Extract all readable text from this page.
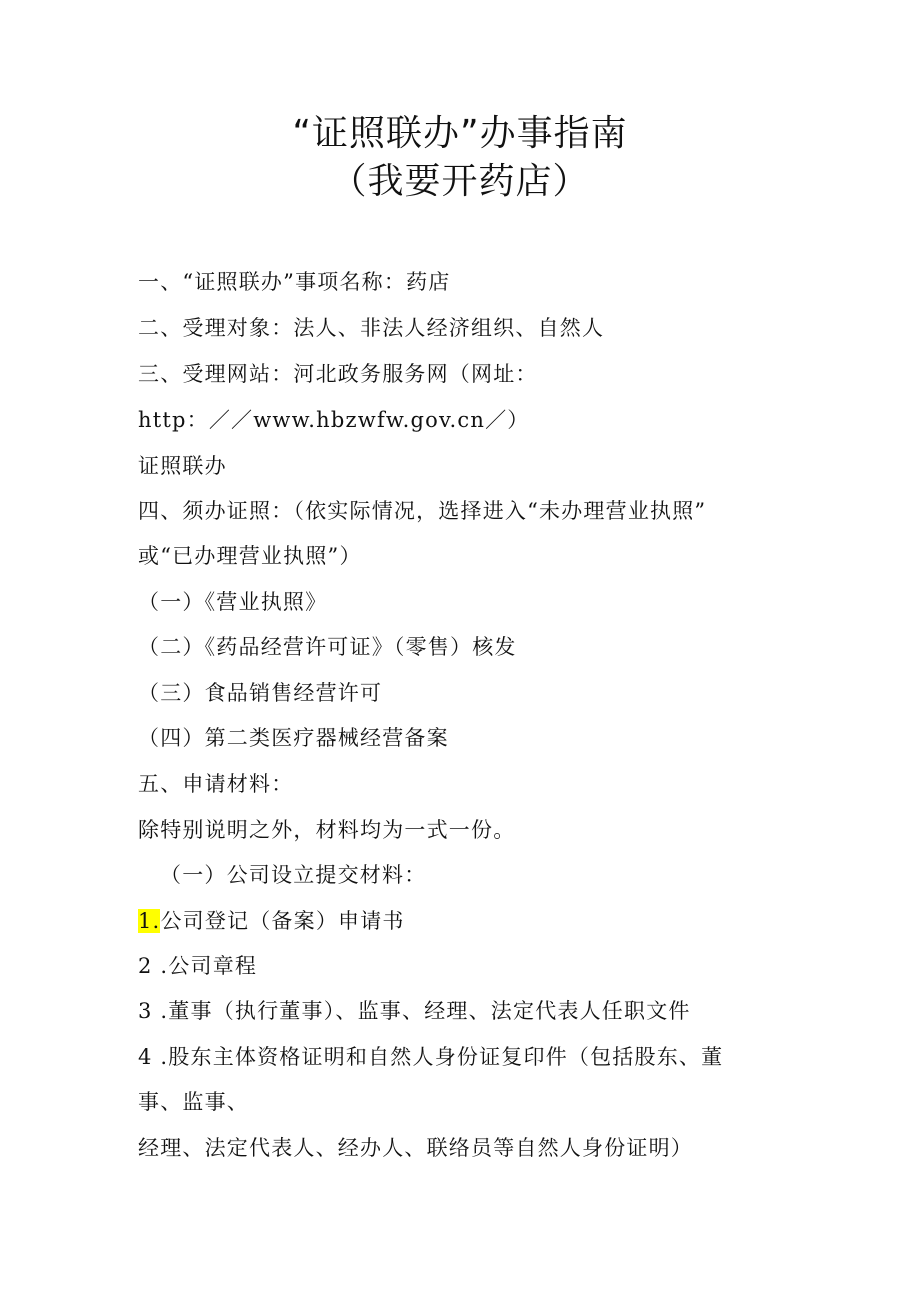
“证照联办”办事指南
（我要开药店）
一、“证照联办”事项名称：药店
二、受理对象：法人、非法人经济组织、自然人
三、受理网站：河北政务服务网（网址：
http：／／www.hbzwfw.gov.cn／）
证照联办
四、须办证照：（依实际情况，选择进入“未办理营业执照”
或“已办理营业执照”）
（一）《营业执照》
（二）《药品经营许可证》（零售）核发
（三）食品销售经营许可
（四）第二类医疗器械经营备案
五、申请材料：
除特别说明之外，材料均为一式一份。
（一）公司设立提交材料：
1.公司登记（备案）申请书
2 .公司章程
3 .董事（执行董事）、监事、经理、法定代表人任职文件
4 .股东主体资格证明和自然人身份证复印件（包括股东、董
事、监事、
经理、法定代表人、经办人、联络员等自然人身份证明）
